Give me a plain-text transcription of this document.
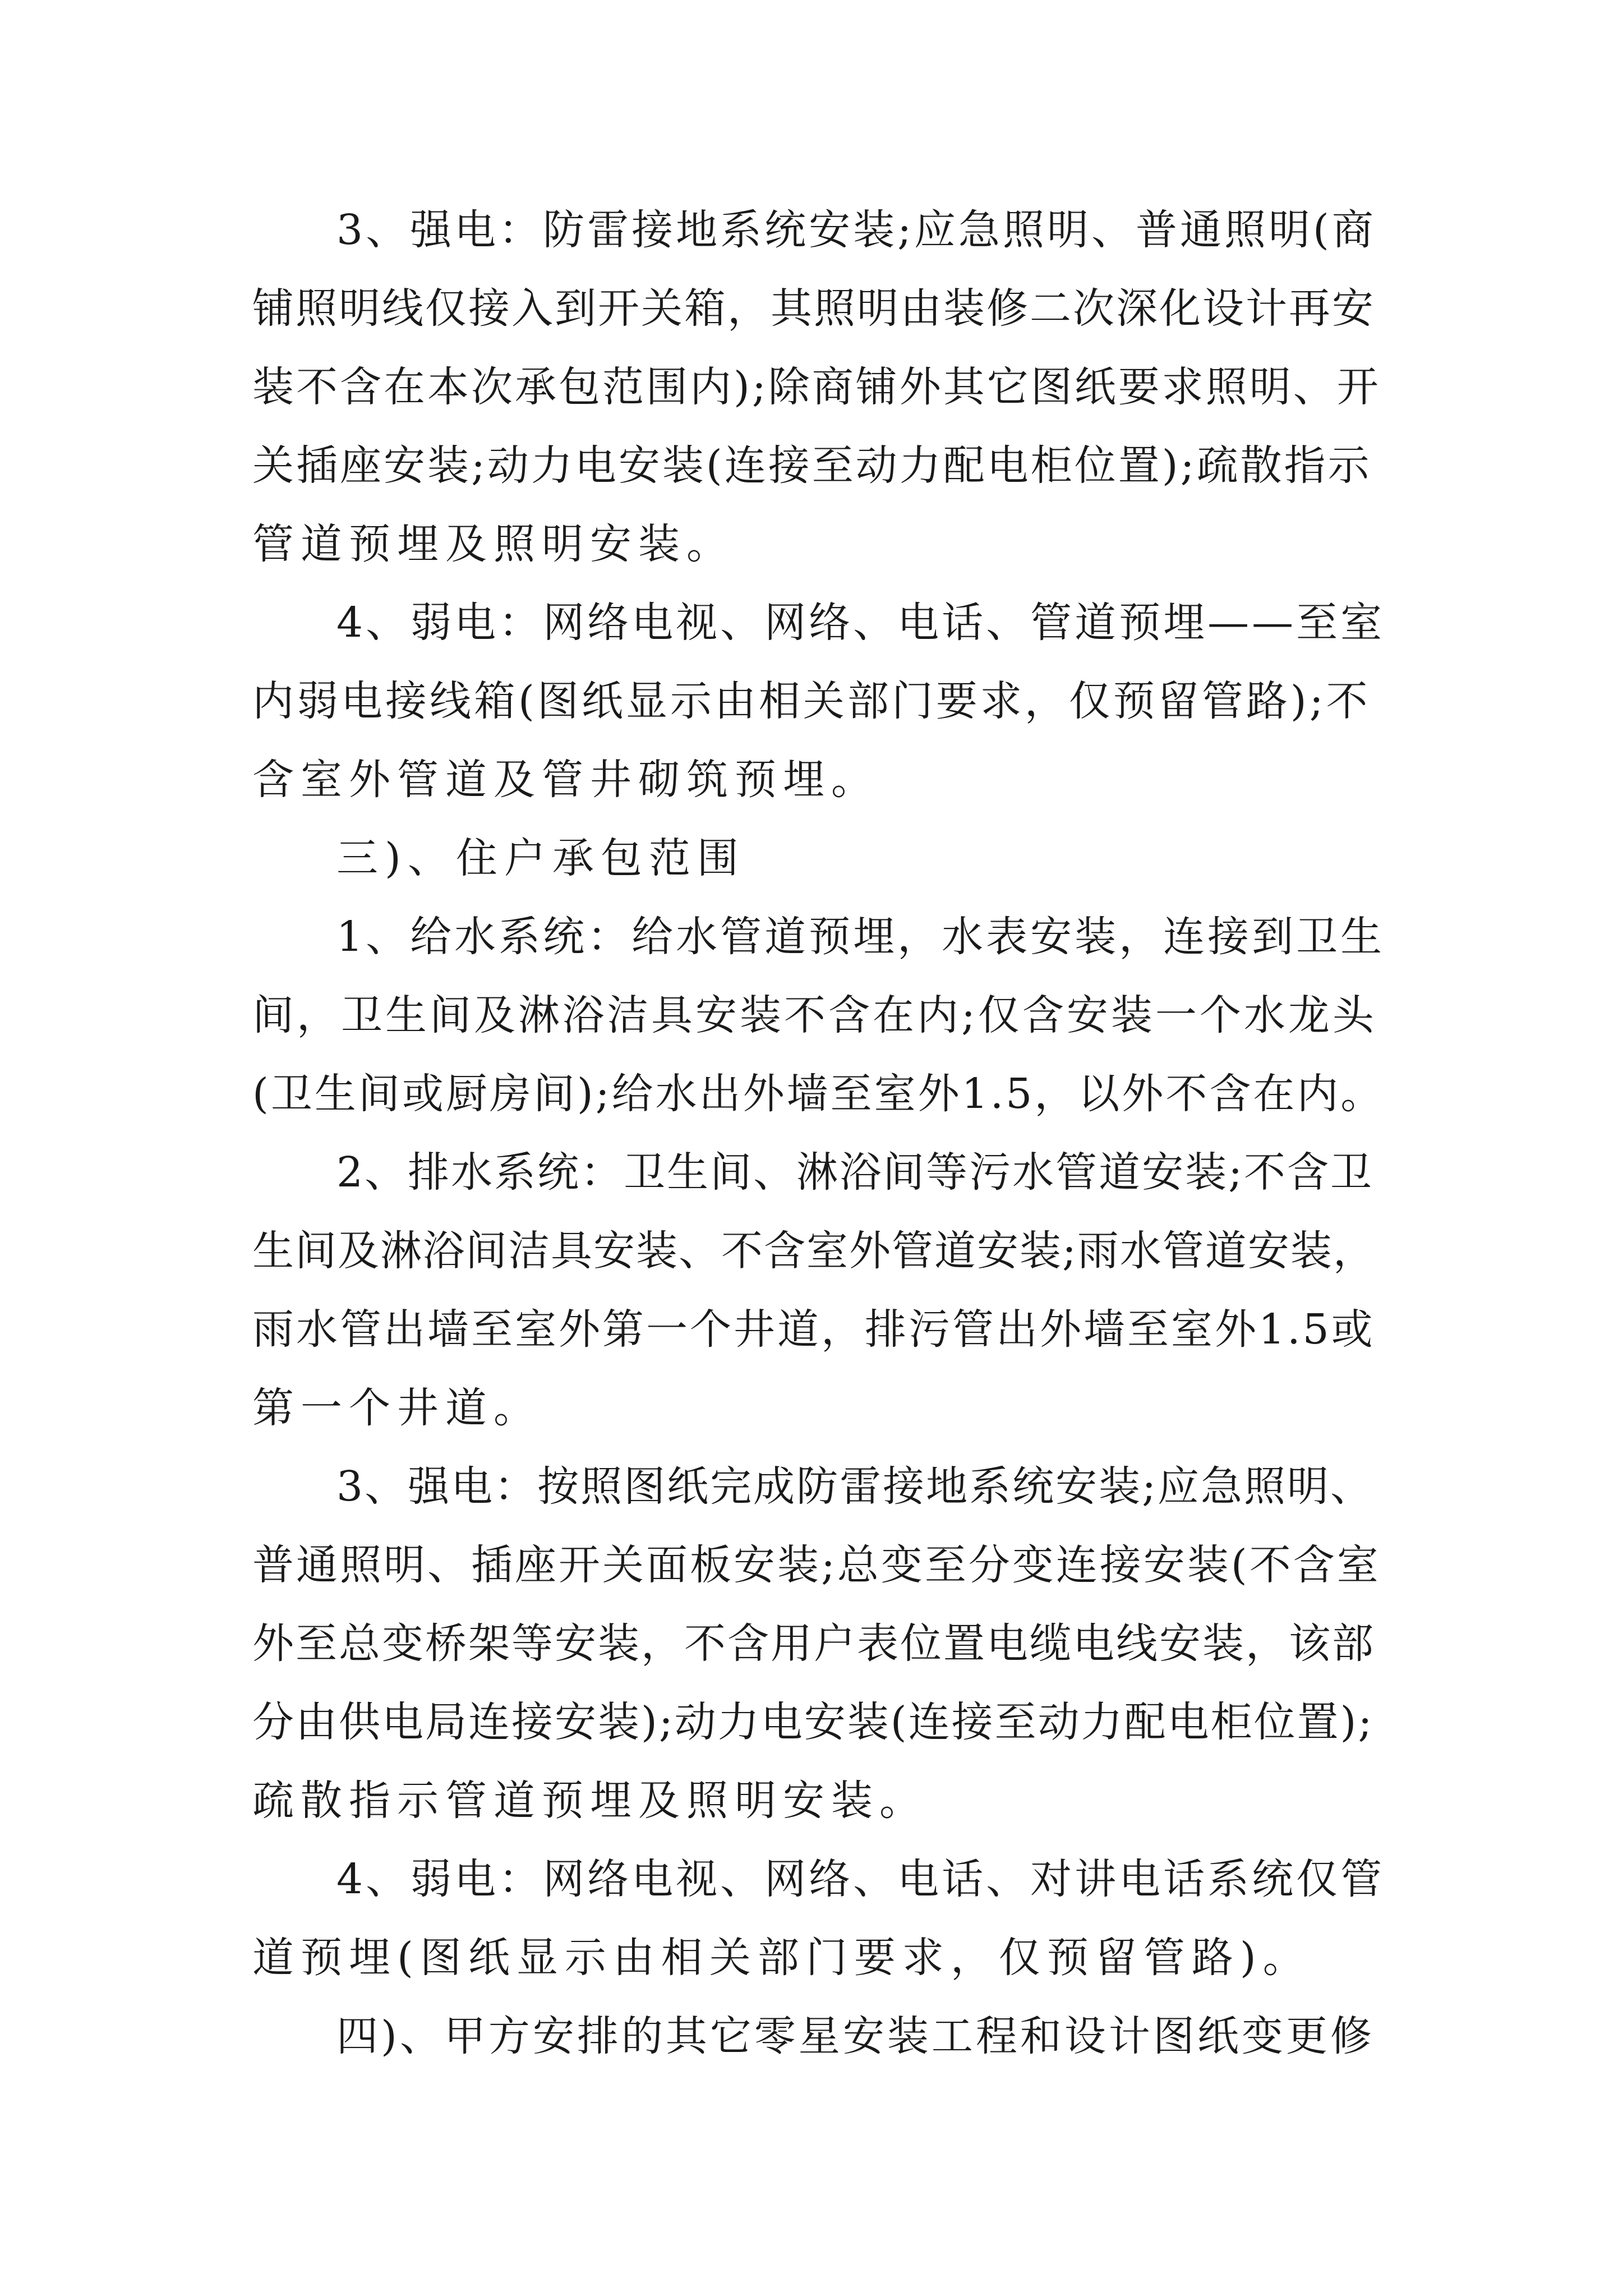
3、强电：防雷接地系统安装;应急照明、普通照明(商
铺照明线仅接入到开关箱，其照明由装修二次深化设计再安
装不含在本次承包范围内);除商铺外其它图纸要求照明、开
关插座安装;动力电安装(连接至动力配电柜位置);疏散指示
管道预埋及照明安装。
4、弱电：网络电视、网络、电话、管道预埋——至室
内弱电接线箱(图纸显示由相关部门要求，仅预留管路);不
含室外管道及管井砌筑预埋。
三)、住户承包范围
1、给水系统：给水管道预埋，水表安装，连接到卫生
间，卫生间及淋浴洁具安装不含在内;仅含安装一个水龙头
(卫生间或厨房间);给水出外墙至室外1.5，以外不含在内。
2、排水系统：卫生间、淋浴间等污水管道安装;不含卫
生间及淋浴间洁具安装、不含室外管道安装;雨水管道安装，
雨水管出墙至室外第一个井道，排污管出外墙至室外1.5或
第一个井道。
3、强电：按照图纸完成防雷接地系统安装;应急照明、
普通照明、插座开关面板安装;总变至分变连接安装(不含室
外至总变桥架等安装，不含用户表位置电缆电线安装，该部
分由供电局连接安装);动力电安装(连接至动力配电柜位置);
疏散指示管道预埋及照明安装。
4、弱电：网络电视、网络、电话、对讲电话系统仅管
道预埋(图纸显示由相关部门要求，仅预留管路)。
四)、甲方安排的其它零星安装工程和设计图纸变更修
